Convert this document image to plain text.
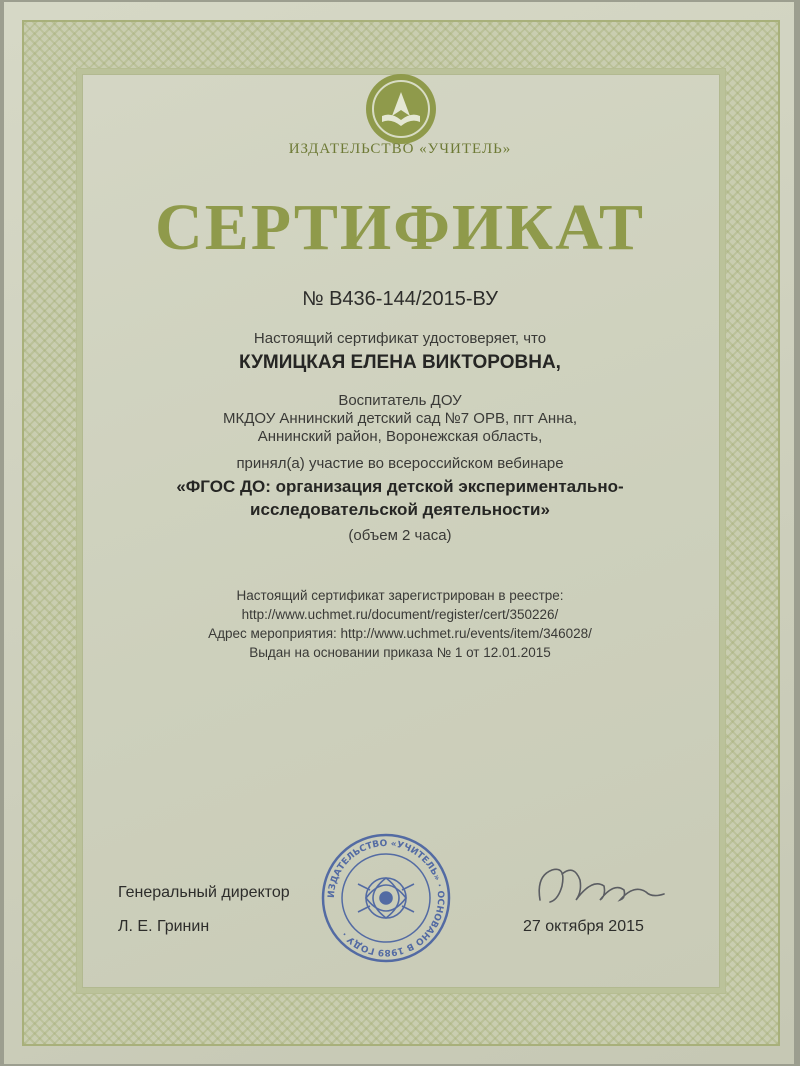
ИЗДАТЕЛЬСТВО «УЧИТЕЛЬ»
СЕРТИФИКАТ
№ В436-144/2015-ВУ
Настоящий сертификат удостоверяет, что
КУМИЦКАЯ ЕЛЕНА ВИКТОРОВНА,
Воспитатель ДОУ
МКДОУ Аннинский детский сад №7 ОРВ, пгт Анна,
Аннинский район, Воронежская область,
принял(а) участие во всероссийском вебинаре
«ФГОС ДО: организация детской экспериментально-
исследовательской деятельности»
(объем 2 часа)
Настоящий сертификат зарегистрирован в реестре:
http://www.uchmet.ru/document/register/cert/350226/
Адрес мероприятия: http://www.uchmet.ru/events/item/346028/
Выдан на основании приказа № 1 от 12.01.2015
Генеральный директор
Л. Е. Гринин	27 октября 2015
ИЗДАТЕЛЬСТВО «УЧИТЕЛЬ» · ОСНОВАНО В 1989 ГОДУ ·
